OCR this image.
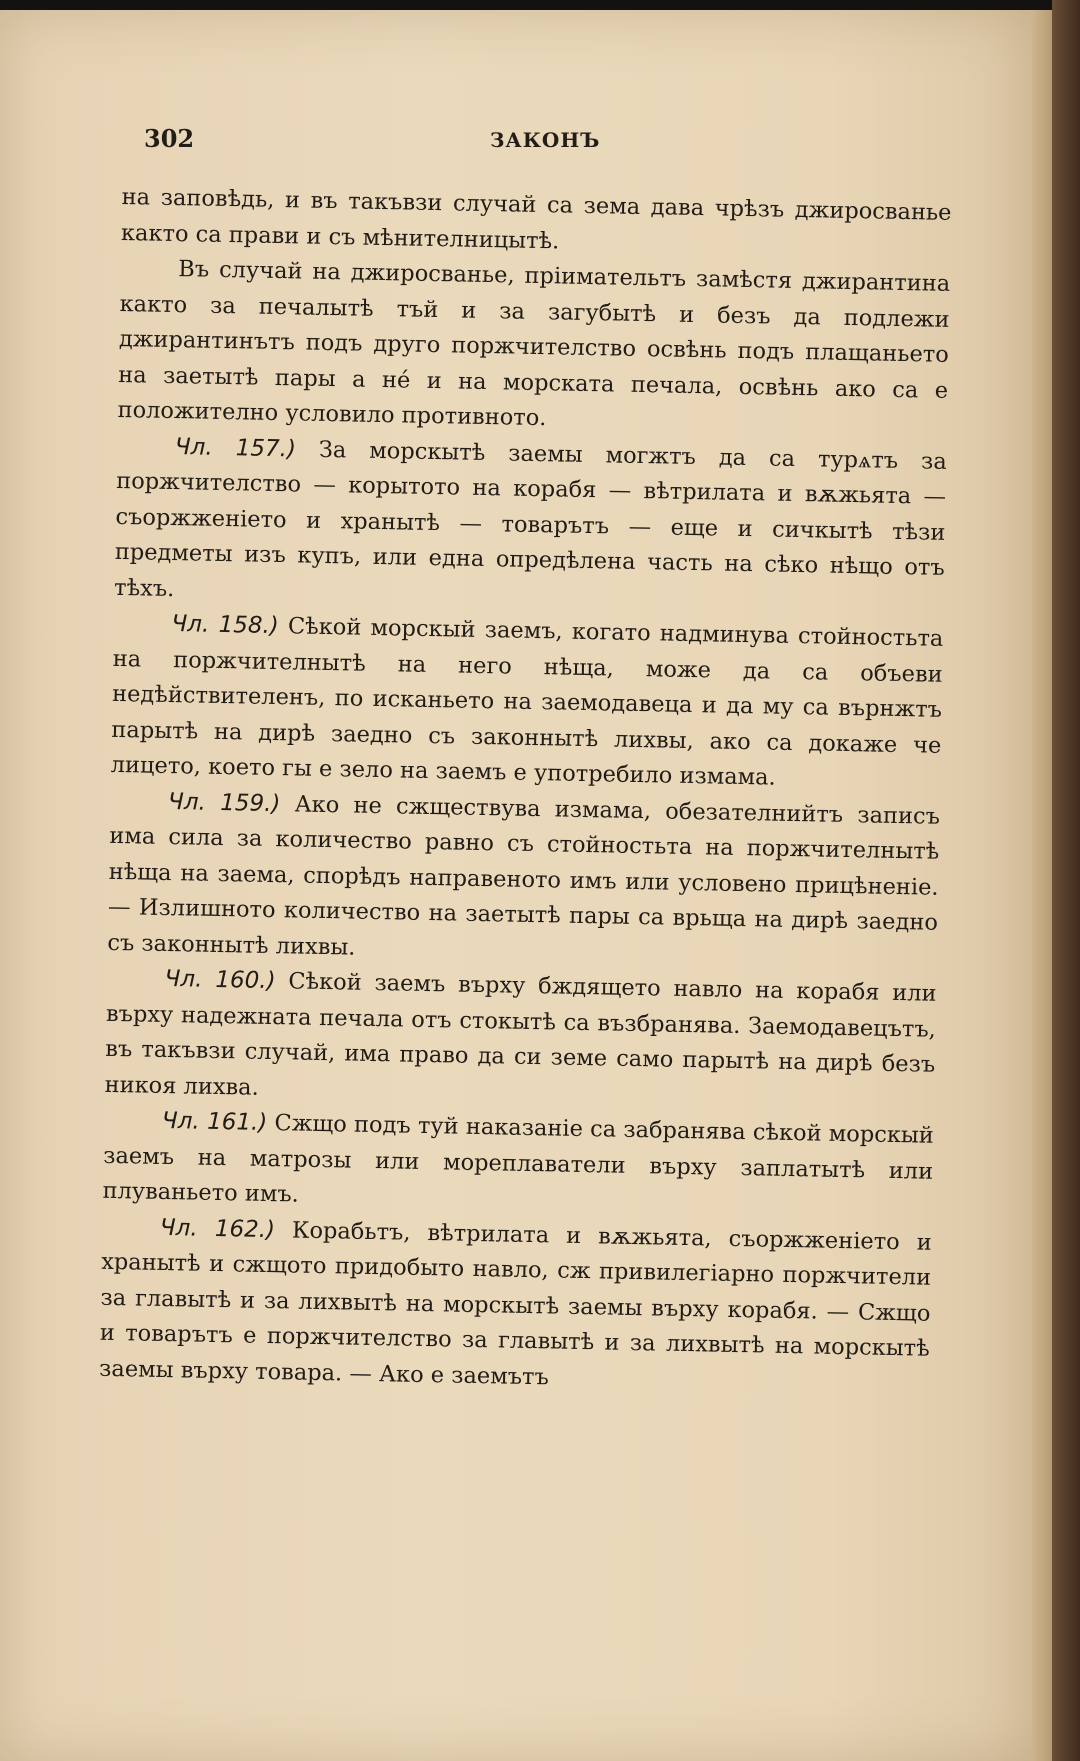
302	ЗАКОНЪ

на заповѣдь, и въ такъвзи случай са зема дава чрѣзъ джиросванье както са прави и съ мѣнителницытѣ.

Въ случай на джиросванье, пріимательтъ замѣстя джирантина както за печалытѣ тъй и за загубытѣ и безъ да подлежи джирантинътъ подъ друго поржчителство освѣнь подъ плащаньето на заетытѣ пары а нé и на морската печала, освѣнь ако са е положително условило противното.

Чл. 157.) За морскытѣ заемы могжтъ да са турѧтъ за поржчителство — корытото на корабя — вѣтрилата и вѫжьята — съоржженіето и хранытѣ — товарътъ — еще и сичкытѣ тѣзи предметы изъ купъ, или една опредѣлена часть на сѣко нѣщо отъ тѣхъ.

Чл. 158.) Сѣкой морскый заемъ, когато надминува стойностьта на поржчителнытѣ на него нѣща, може да са объеви недѣйствителенъ, по исканьето на заемодавеца и да му са върнжтъ парытѣ на дирѣ заедно съ законнытѣ лихвы, ако са докаже че лицето, което гы е зело на заемъ е употребило измама.

Чл. 159.) Ако не сжществува измама, обезателнийтъ записъ има сила за количество равно съ стойностьта на поржчителнытѣ нѣща на заема, спорѣдъ направеното имъ или условено прицѣненіе. — Излишното количество на заетытѣ пары са врьща на дирѣ заедно съ законнытѣ лихвы.

Чл. 160.) Сѣкой заемъ върху бждящето навло на корабя или върху надежната печала отъ стокытѣ са възбранява. Заемодавецътъ, въ такъвзи случай, има право да си земе само парытѣ на дирѣ безъ никоя лихва.

Чл. 161.) Сжщо подъ туй наказаніе са забранява сѣкой морскый заемъ на матрозы или мореплаватели върху заплатытѣ или плуваньето имъ.

Чл. 162.) Корабьтъ, вѣтрилата и вѫжьята, съоржженіето и хранытѣ и сжщото придобыто навло, сж привилегіарно поржчители за главытѣ и за лихвытѣ на морскытѣ заемы върху корабя. — Сжщо и товарътъ е поржчителство за главытѣ и за лихвытѣ на морскытѣ заемы върху товара. — Ако е заемътъ
